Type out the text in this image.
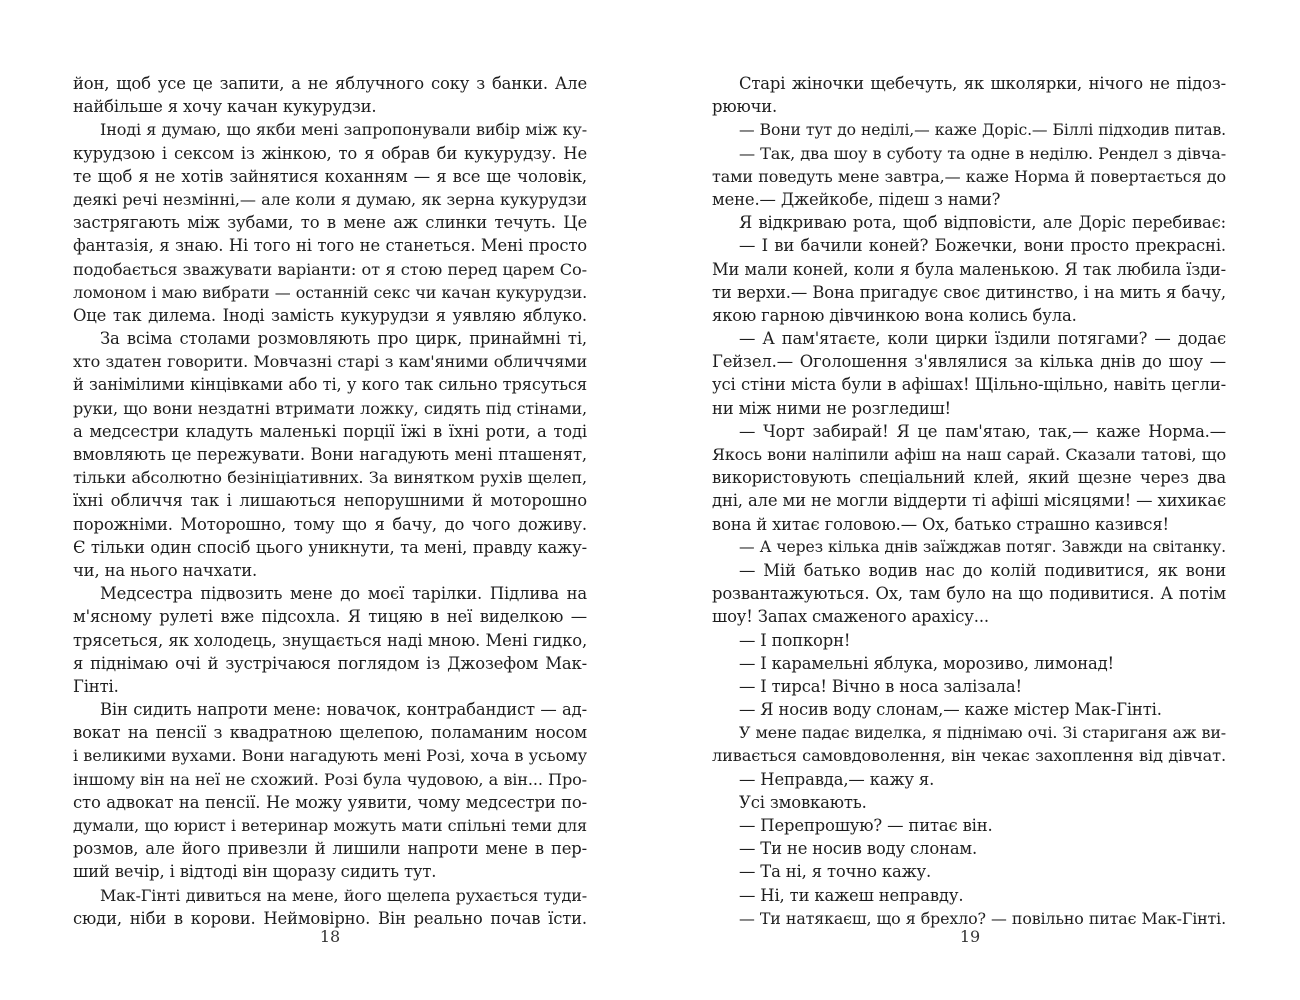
йон, щоб усе це запити, а не яблучного соку з банки. Але
найбільше я хочу качан кукурудзи.
Іноді я думаю, що якби мені запропонували вибір між ку-
курудзою і сексом із жінкою, то я обрав би кукурудзу. Не
те щоб я не хотів зайнятися коханням — я все ще чоловік,
деякі речі незмінні,— але коли я думаю, як зерна кукурудзи
застрягають між зубами, то в мене аж слинки течуть. Це
фантазія, я знаю. Ні того ні того не станеться. Мені просто
подобається зважувати варіанти: от я стою перед царем Со-
ломоном і маю вибрати — останній секс чи качан кукурудзи.
Оце так дилема. Іноді замість кукурудзи я уявляю яблуко.
За всіма столами розмовляють про цирк, принаймні ті,
хто здатен говорити. Мовчазні старі з кам'яними обличчями
й занімілими кінцівками або ті, у кого так сильно трясуться
руки, що вони нездатні втримати ложку, сидять під стінами,
а медсестри кладуть маленькі порції їжі в їхні роти, а тоді
вмовляють це пережувати. Вони нагадують мені пташенят,
тільки абсолютно безініціативних. За винятком рухів щелеп,
їхні обличчя так і лишаються непорушними й моторошно
порожніми. Моторошно, тому що я бачу, до чого доживу.
Є тільки один спосіб цього уникнути, та мені, правду кажу-
чи, на нього начхати.
Медсестра підвозить мене до моєї тарілки. Підлива на
м'ясному рулеті вже підсохла. Я тицяю в неї виделкою —
трясеться, як холодець, знущається наді мною. Мені гидко,
я піднімаю очі й зустрічаюся поглядом із Джозефом Мак-
Гінті.
Він сидить напроти мене: новачок, контрабандист — ад-
вокат на пенсії з квадратною щелепою, поламаним носом
і великими вухами. Вони нагадують мені Розі, хоча в усьому
іншому він на неї не схожий. Розі була чудовою, а він... Про-
сто адвокат на пенсії. Не можу уявити, чому медсестри по-
думали, що юрист і ветеринар можуть мати спільні теми для
розмов, але його привезли й лишили напроти мене в пер-
ший вечір, і відтоді він щоразу сидить тут.
Мак-Гінті дивиться на мене, його щелепа рухається туди-
сюди, ніби в корови. Неймовірно. Він реально почав їсти.
18
Старі жіночки щебечуть, як школярки, нічого не підоз-
рюючи.
— Вони тут до неділі,— каже Доріс.— Біллі підходив питав.
— Так, два шоу в суботу та одне в неділю. Рендел з дівча-
тами поведуть мене завтра,— каже Норма й повертається до
мене.— Джейкобе, підеш з нами?
Я відкриваю рота, щоб відповісти, але Доріс перебиває:
— І ви бачили коней? Божечки, вони просто прекрасні.
Ми мали коней, коли я була маленькою. Я так любила їзди-
ти верхи.— Вона пригадує своє дитинство, і на мить я бачу,
якою гарною дівчинкою вона колись була.
— А пам'ятаєте, коли цирки їздили потягами? — додає
Гейзел.— Оголошення з'являлися за кілька днів до шоу —
усі стіни міста були в афішах! Щільно-щільно, навіть цегли-
ни між ними не розгледиш!
— Чорт забирай! Я це пам'ятаю, так,— каже Норма.—
Якось вони наліпили афіш на наш сарай. Сказали татові, що
використовують спеціальний клей, який щезне через два
дні, але ми не могли віддерти ті афіші місяцями! — хихикає
вона й хитає головою.— Ох, батько страшно казився!
— А через кілька днів заїжджав потяг. Завжди на світанку.
— Мій батько водив нас до колій подивитися, як вони
розвантажуються. Ох, там було на що подивитися. А потім
шоу! Запах смаженого арахісу...
— І попкорн!
— І карамельні яблука, морозиво, лимонад!
— І тирса! Вічно в носа залізала!
— Я носив воду слонам,— каже містер Мак-Гінті.
У мене падає виделка, я піднімаю очі. Зі стариганя аж ви-
ливається самовдоволення, він чекає захоплення від дівчат.
— Неправда,— кажу я.
Усі змовкають.
— Перепрошую? — питає він.
— Ти не носив воду слонам.
— Та ні, я точно кажу.
— Ні, ти кажеш неправду.
— Ти натякаєш, що я брехло? — повільно питає Мак-Гінті.
19
